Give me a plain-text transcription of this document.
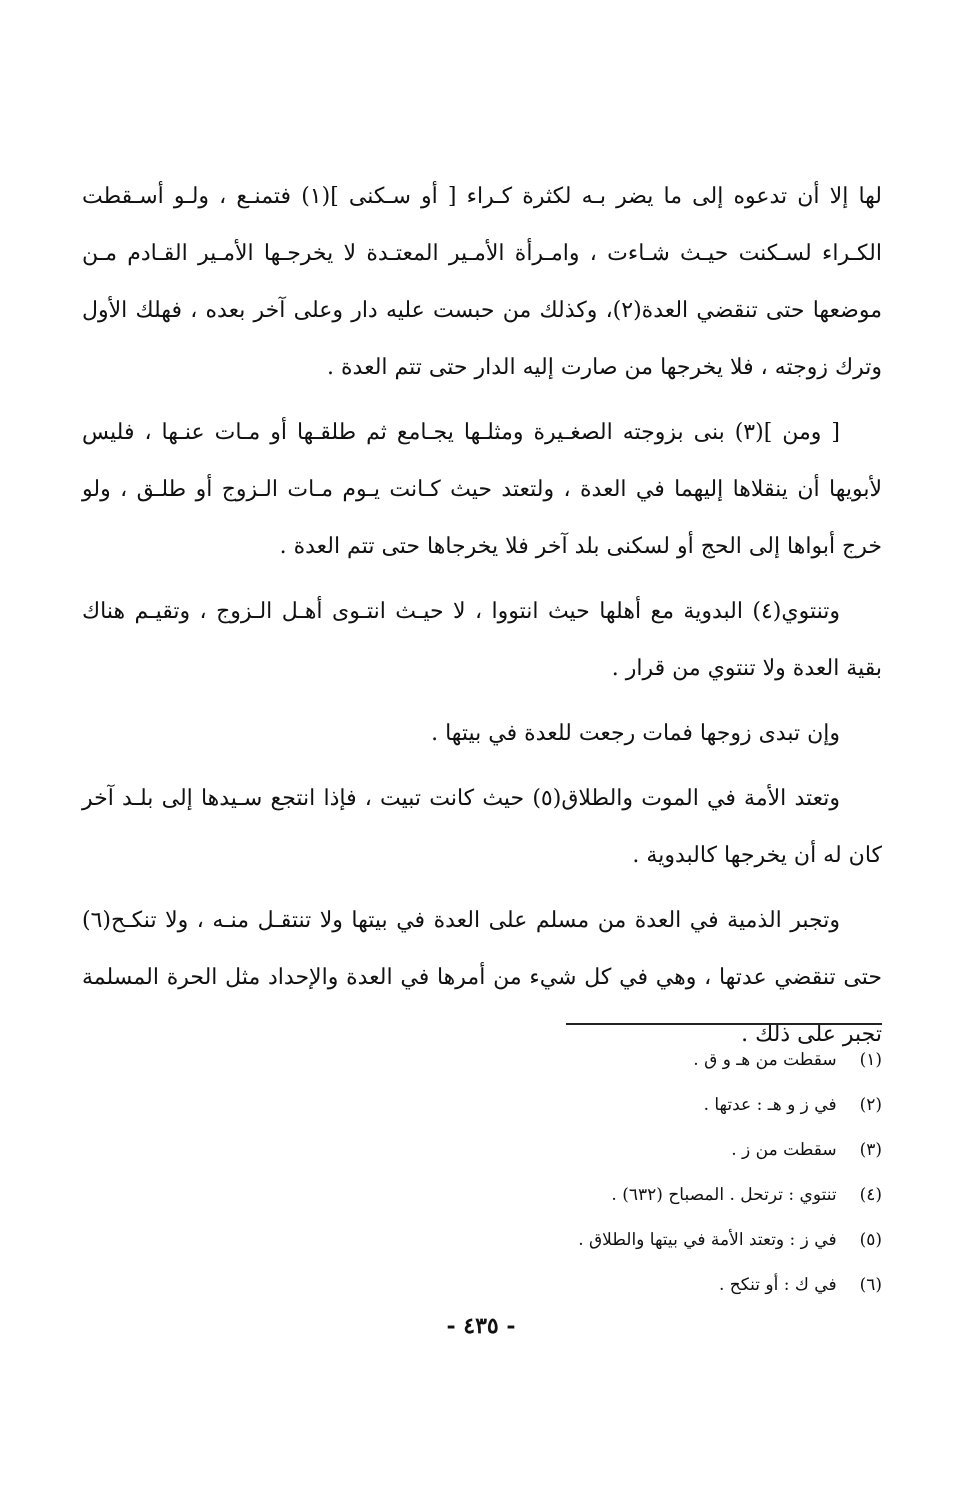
لها إلا أن تدعوه إلى ما يضر بـه لكثرة كـراء [ أو سـكنى ](١) فتمنـع ، ولـو أسـقطت الكـراء لسـكنت حيـث شـاءت ، وامـرأة الأمـير المعتـدة لا يخرجـها الأمـير القـادم مـن موضعها حتى تنقضي العدة(٢)، وكذلك من حبست عليه دار وعلى آخر بعده ، فهلك الأول وترك زوجته ، فلا يخرجها من صارت إليه الدار حتى تتم العدة .

[ ومن ](٣) بنى بزوجته الصغـيرة ومثلـها يجـامع ثم طلقـها أو مـات عنـها ، فليس لأبويها أن ينقلاها إليهما في العدة ، ولتعتد حيث كـانت يـوم مـات الـزوج أو طلـق ، ولو خرج أبواها إلى الحج أو لسكنى بلد آخر فلا يخرجاها حتى تتم العدة .

وتنتوي(٤) البدوية مع أهلها حيث انتووا ، لا حيـث انتـوى أهـل الـزوج ، وتقيـم هناك بقية العدة ولا تنتوي من قرار .

وإن تبدى زوجها فمات رجعت للعدة في بيتها .

وتعتد الأمة في الموت والطلاق(٥) حيث كانت تبيت ، فإذا انتجع سـيدها إلى بلـد آخر كان له أن يخرجها كالبدوية .

وتجبر الذمية في العدة من مسلم على العدة في بيتها ولا تنتقـل منـه ، ولا تنكـح(٦) حتى تنقضي عدتها ، وهي في كل شيء من أمرها في العدة والإحداد مثل الحرة المسلمة تجبر على ذلك .

(١) سقطت من هـ و ق .
(٢) في ز و هـ : عدتها .
(٣) سقطت من ز .
(٤) تنتوي : ترتحل . المصباح (٦٣٢) .
(٥) في ز : وتعتد الأمة في بيتها والطلاق .
(٦) في ك : أو تنكح .
- ٤٣٥ -
